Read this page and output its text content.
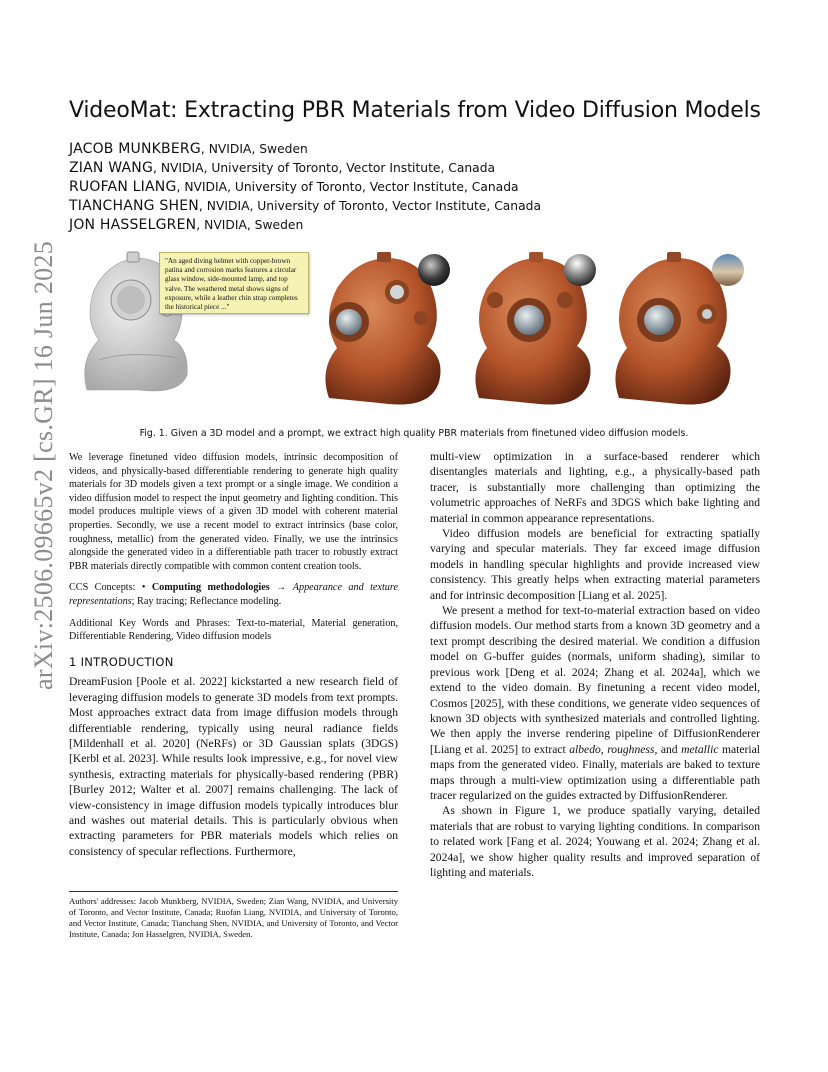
arXiv:2506.09665v2 [cs.GR] 16 Jun 2025
VideoMat: Extracting PBR Materials from Video Diffusion Models
JACOB MUNKBERG, NVIDIA, Sweden
ZIAN WANG, NVIDIA, University of Toronto, Vector Institute, Canada
RUOFAN LIANG, NVIDIA, University of Toronto, Vector Institute, Canada
TIANCHANG SHEN, NVIDIA, University of Toronto, Vector Institute, Canada
JON HASSELGREN, NVIDIA, Sweden
"An aged diving helmet with copper-brown patina and corrosion marks features a circular glass window, side-mounted lamp, and top valve. The weathered metal shows signs of exposure, while a leather chin strap completes the historical piece ..."
Fig. 1. Given a 3D model and a prompt, we extract high quality PBR materials from finetuned video diffusion models.

We leverage finetuned video diffusion models, intrinsic decomposition of videos, and physically-based differentiable rendering to generate high quality materials for 3D models given a text prompt or a single image. We condition a video diffusion model to respect the input geometry and lighting condition. This model produces multiple views of a given 3D model with coherent material properties. Secondly, we use a recent model to extract intrinsics (base color, roughness, metallic) from the generated video. Finally, we use the intrinsics alongside the generated video in a differentiable path tracer to robustly extract PBR materials directly compatible with common content creation tools.

CCS Concepts: • Computing methodologies → Appearance and texture representations; Ray tracing; Reflectance modeling.

Additional Key Words and Phrases: Text-to-material, Material generation, Differentiable Rendering, Video diffusion models

1 INTRODUCTION

DreamFusion [Poole et al. 2022] kickstarted a new research field of leveraging diffusion models to generate 3D models from text prompts. Most approaches extract data from image diffusion models through differentiable rendering, typically using neural radiance fields [Mildenhall et al. 2020] (NeRFs) or 3D Gaussian splats (3DGS) [Kerbl et al. 2023]. While results look impressive, e.g., for novel view synthesis, extracting materials for physically-based rendering (PBR) [Burley 2012; Walter et al. 2007] remains challenging. The lack of view-consistency in image diffusion models typically introduces blur and washes out material details. This is particularly obvious when extracting parameters for PBR materials models which relies on consistency of specular reflections. Furthermore,

Authors' addresses: Jacob Munkberg, NVIDIA, Sweden; Zian Wang, NVIDIA, and University of Toronto, and Vector Institute, Canada; Ruofan Liang, NVIDIA, and University of Toronto, and Vector Institute, Canada; Tianchang Shen, NVIDIA, and University of Toronto, and Vector Institute, Canada; Jon Hasselgren, NVIDIA, Sweden.

multi-view optimization in a surface-based renderer which disentangles materials and lighting, e.g., a physically-based path tracer, is substantially more challenging than optimizing the volumetric approaches of NeRFs and 3DGS which bake lighting and material in common appearance representations.

Video diffusion models are beneficial for extracting spatially varying and specular materials. They far exceed image diffusion models in handling specular highlights and provide increased view consistency. This greatly helps when extracting material parameters and for intrinsic decomposition [Liang et al. 2025].

We present a method for text-to-material extraction based on video diffusion models. Our method starts from a known 3D geometry and a text prompt describing the desired material. We condition a diffusion model on G-buffer guides (normals, uniform shading), similar to previous work [Deng et al. 2024; Zhang et al. 2024a], which we extend to the video domain. By finetuning a recent video model, Cosmos [2025], with these conditions, we generate video sequences of known 3D objects with synthesized materials and controlled lighting. We then apply the inverse rendering pipeline of DiffusionRenderer [Liang et al. 2025] to extract albedo, roughness, and metallic material maps from the generated video. Finally, materials are baked to texture maps through a multi-view optimization using a differentiable path tracer regularized on the guides extracted by DiffusionRenderer.

As shown in Figure 1, we produce spatially varying, detailed materials that are robust to varying lighting conditions. In comparison to related work [Fang et al. 2024; Youwang et al. 2024; Zhang et al. 2024a], we show higher quality results and improved separation of lighting and materials.
